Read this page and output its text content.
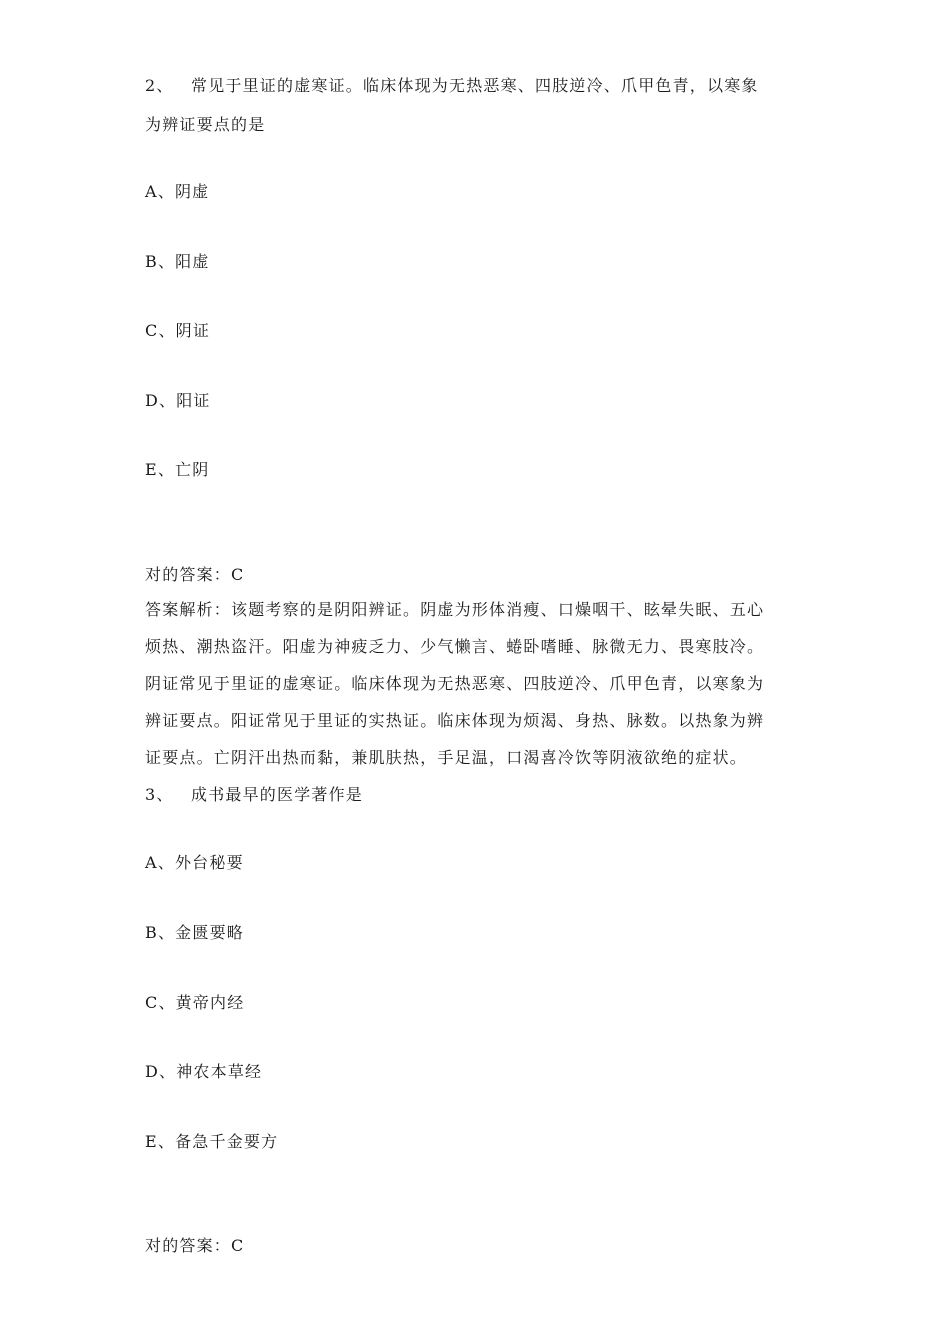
2、 常见于里证的虚寒证。临床体现为无热恶寒、四肢逆冷、爪甲色青，以寒象
为辨证要点的是
A、阴虚
B、阳虚
C、阴证
D、阳证
E、亡阴
对的答案：C
答案解析：该题考察的是阴阳辨证。阴虚为形体消瘦、口燥咽干、眩晕失眠、五心
烦热、潮热盗汗。阳虚为神疲乏力、少气懒言、蜷卧嗜睡、脉微无力、畏寒肢冷。
阴证常见于里证的虚寒证。临床体现为无热恶寒、四肢逆冷、爪甲色青，以寒象为
辨证要点。阳证常见于里证的实热证。临床体现为烦渴、身热、脉数。以热象为辨
证要点。亡阴汗出热而黏，兼肌肤热，手足温，口渴喜冷饮等阴液欲绝的症状。
3、 成书最早的医学著作是
A、外台秘要
B、金匮要略
C、黄帝内经
D、神农本草经
E、备急千金要方
对的答案：C
